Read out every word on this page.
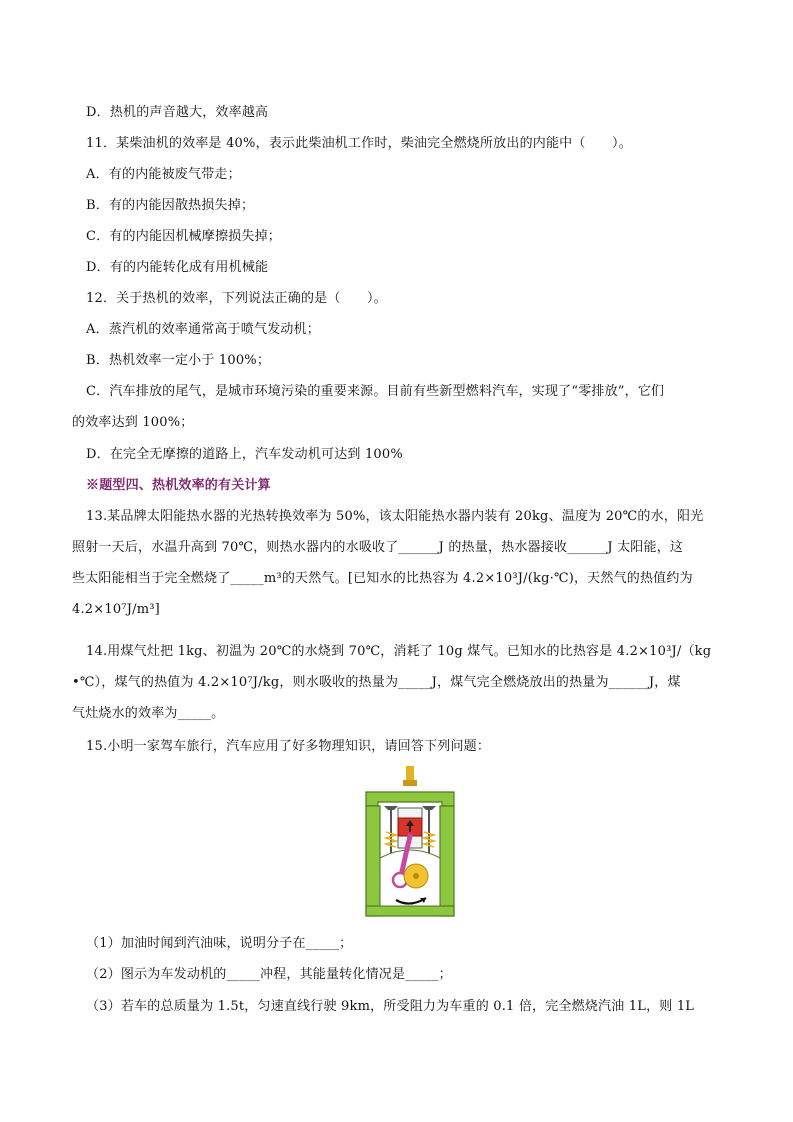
D．热机的声音越大，效率越高
11．某柴油机的效率是 40%，表示此柴油机工作时，柴油完全燃烧所放出的内能中（　　）。
A．有的内能被废气带走；
B．有的内能因散热损失掉；
C．有的内能因机械摩擦损失掉；
D．有的内能转化成有用机械能
12．关于热机的效率，下列说法正确的是（　　）。
A．蒸汽机的效率通常高于喷气发动机；
B．热机效率一定小于 100%；
C．汽车排放的尾气，是城市环境污染的重要来源。目前有些新型燃料汽车，实现了“零排放”，它们
的效率达到 100%；
D．在完全无摩擦的道路上，汽车发动机可达到 100%
※题型四、热机效率的有关计算
13.某品牌太阳能热水器的光热转换效率为 50%，该太阳能热水器内装有 20kg、温度为 20℃的水，阳光
照射一天后，水温升高到 70℃，则热水器内的水吸收了______J 的热量，热水器接收______J 太阳能，这
些太阳能相当于完全燃烧了_____m³的天然气。[已知水的比热容为 4.2×10³J/(kg·℃)，天然气的热值约为
4.2×10⁷J/m³]
14.用煤气灶把 1kg、初温为 20℃的水烧到 70℃，消耗了 10g 煤气。已知水的比热容是 4.2×10³J/（kg
•℃），煤气的热值为 4.2×10⁷J/kg，则水吸收的热量为_____J，煤气完全燃烧放出的热量为______J，煤
气灶烧水的效率为_____。
15.小明一家驾车旅行，汽车应用了好多物理知识，请回答下列问题：
（1）加油时闻到汽油味，说明分子在_____；
（2）图示为车发动机的_____冲程，其能量转化情况是_____；
（3）若车的总质量为 1.5t，匀速直线行驶 9km，所受阻力为车重的 0.1 倍，完全燃烧汽油 1L，则 1L
